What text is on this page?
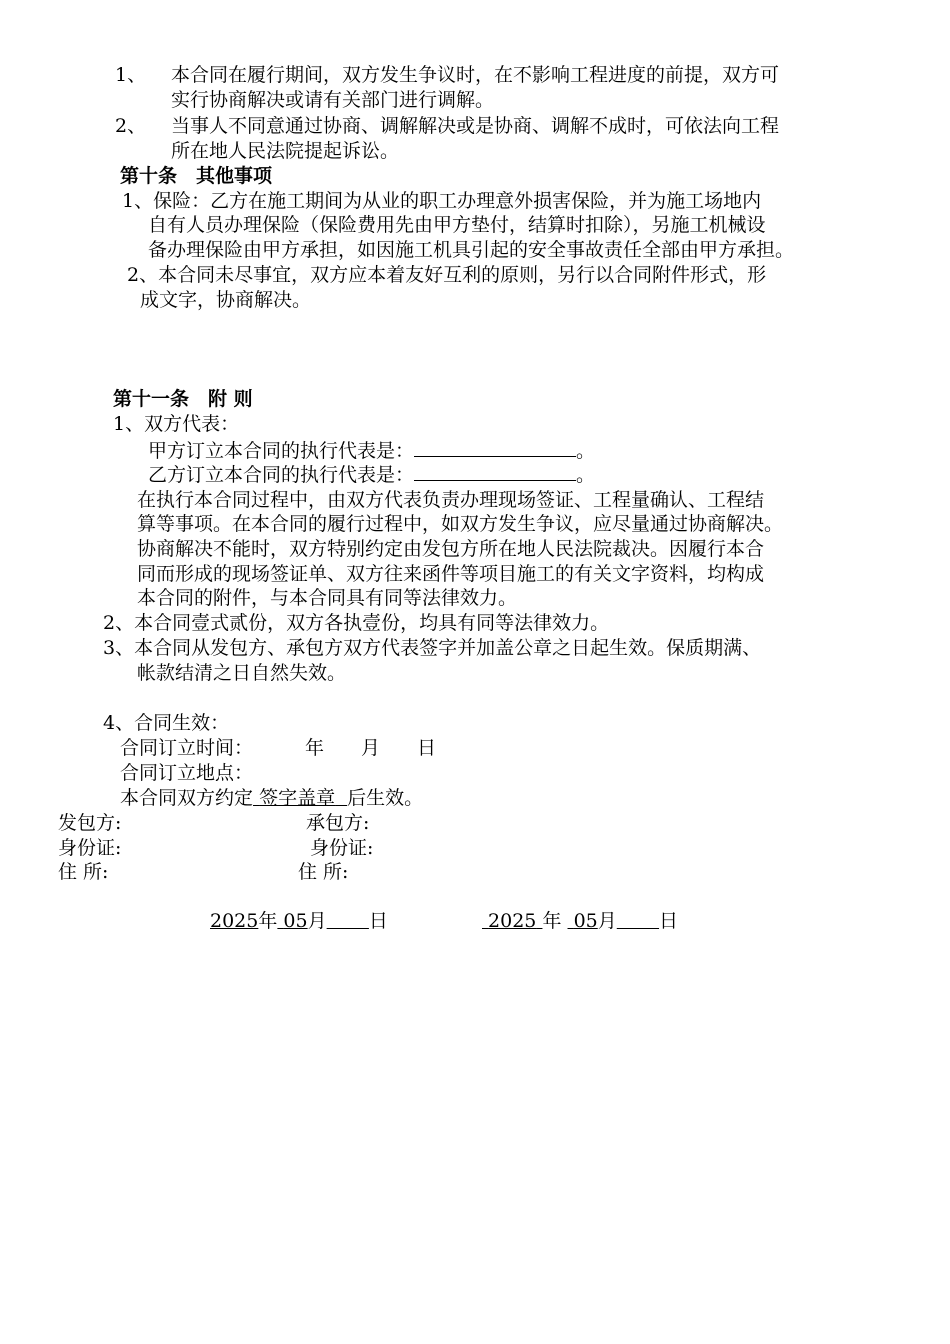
1、 本合同在履行期间，双方发生争议时，在不影响工程进度的前提，双方可
实行协商解决或请有关部门进行调解。
2、 当事人不同意通过协商、调解解决或是协商、调解不成时，可依法向工程
所在地人民法院提起诉讼。
第十条　其他事项
1、保险：乙方在施工期间为从业的职工办理意外损害保险，并为施工场地内
自有人员办理保险（保险费用先由甲方垫付，结算时扣除），另施工机械设
备办理保险由甲方承担，如因施工机具引起的安全事故责任全部由甲方承担。
2、本合同未尽事宜，双方应本着友好互利的原则，另行以合同附件形式，形
成文字，协商解决。
第十一条　附 则
1、双方代表：
甲方订立本合同的执行代表是：	。
乙方订立本合同的执行代表是：	。
在执行本合同过程中，由双方代表负责办理现场签证、工程量确认、工程结
算等事项。在本合同的履行过程中，如双方发生争议，应尽量通过协商解决。
协商解决不能时，双方特别约定由发包方所在地人民法院裁决。因履行本合
同而形成的现场签证单、双方往来函件等项目施工的有关文字资料，均构成
本合同的附件，与本合同具有同等法律效力。
2、本合同壹式贰份，双方各执壹份，均具有同等法律效力。
3、本合同从发包方、承包方双方代表签字并加盖公章之日起生效。保质期满、
帐款结清之日自然失效。
4、合同生效：
合同订立时间：	年 月 日
合同订立地点：
本合同双方约定 签字盖章 后生效。
发包方:	承包方:
身份证:	身份证:
住 所:	住 所:
2025年 05月 日	2025 年 05月 日
